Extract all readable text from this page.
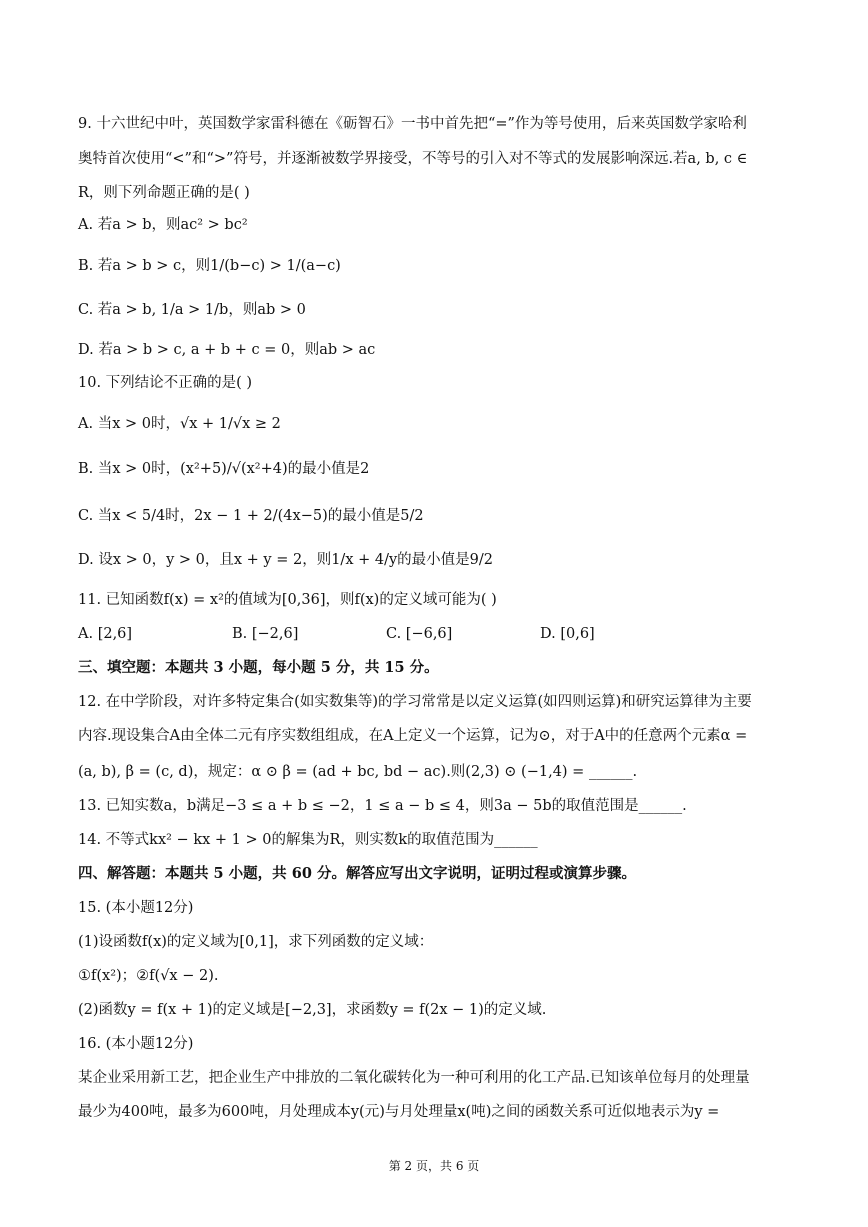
9. 十六世纪中叶，英国数学家雷科德在《砺智石》一书中首先把“=”作为等号使用，后来英国数学家哈利
奥特首次使用“<”和“>”符号，并逐渐被数学界接受，不等号的引入对不等式的发展影响深远.若a, b, c ∈
R，则下列命题正确的是( )
A. 若a > b，则ac² > bc²
B. 若a > b > c，则1/(b−c) > 1/(a−c)
C. 若a > b, 1/a > 1/b，则ab > 0
D. 若a > b > c, a + b + c = 0，则ab > ac
10. 下列结论不正确的是( )
A. 当x > 0时，√x + 1/√x ≥ 2
B. 当x > 0时，(x²+5)/√(x²+4)的最小值是2
C. 当x < 5/4时，2x − 1 + 2/(4x−5)的最小值是5/2
D. 设x > 0，y > 0，且x + y = 2，则1/x + 4/y的最小值是9/2
11. 已知函数f(x) = x²的值域为[0,36]，则f(x)的定义域可能为( )
A. [2,6]	B. [−2,6]	C. [−6,6]	D. [0,6]
三、填空题：本题共 3 小题，每小题 5 分，共 15 分。
12. 在中学阶段，对许多特定集合(如实数集等)的学习常常是以定义运算(如四则运算)和研究运算律为主要
内容.现设集合A由全体二元有序实数组组成，在A上定义一个运算，记为⊙，对于A中的任意两个元素α =
(a, b), β = (c, d)，规定：α ⊙ β = (ad + bc, bd − ac).则(2,3) ⊙ (−1,4) = ______.
13. 已知实数a，b满足−3 ≤ a + b ≤ −2，1 ≤ a − b ≤ 4，则3a − 5b的取值范围是______.
14. 不等式kx² − kx + 1 > 0的解集为R，则实数k的取值范围为______
四、解答题：本题共 5 小题，共 60 分。解答应写出文字说明，证明过程或演算步骤。
15. (本小题12分)
(1)设函数f(x)的定义域为[0,1]，求下列函数的定义域：
①f(x²)；②f(√x − 2).
(2)函数y = f(x + 1)的定义域是[−2,3]，求函数y = f(2x − 1)的定义域.
16. (本小题12分)
某企业采用新工艺，把企业生产中排放的二氧化碳转化为一种可利用的化工产品.已知该单位每月的处理量
最少为400吨，最多为600吨，月处理成本y(元)与月处理量x(吨)之间的函数关系可近似地表示为y =
第 2 页，共 6 页
